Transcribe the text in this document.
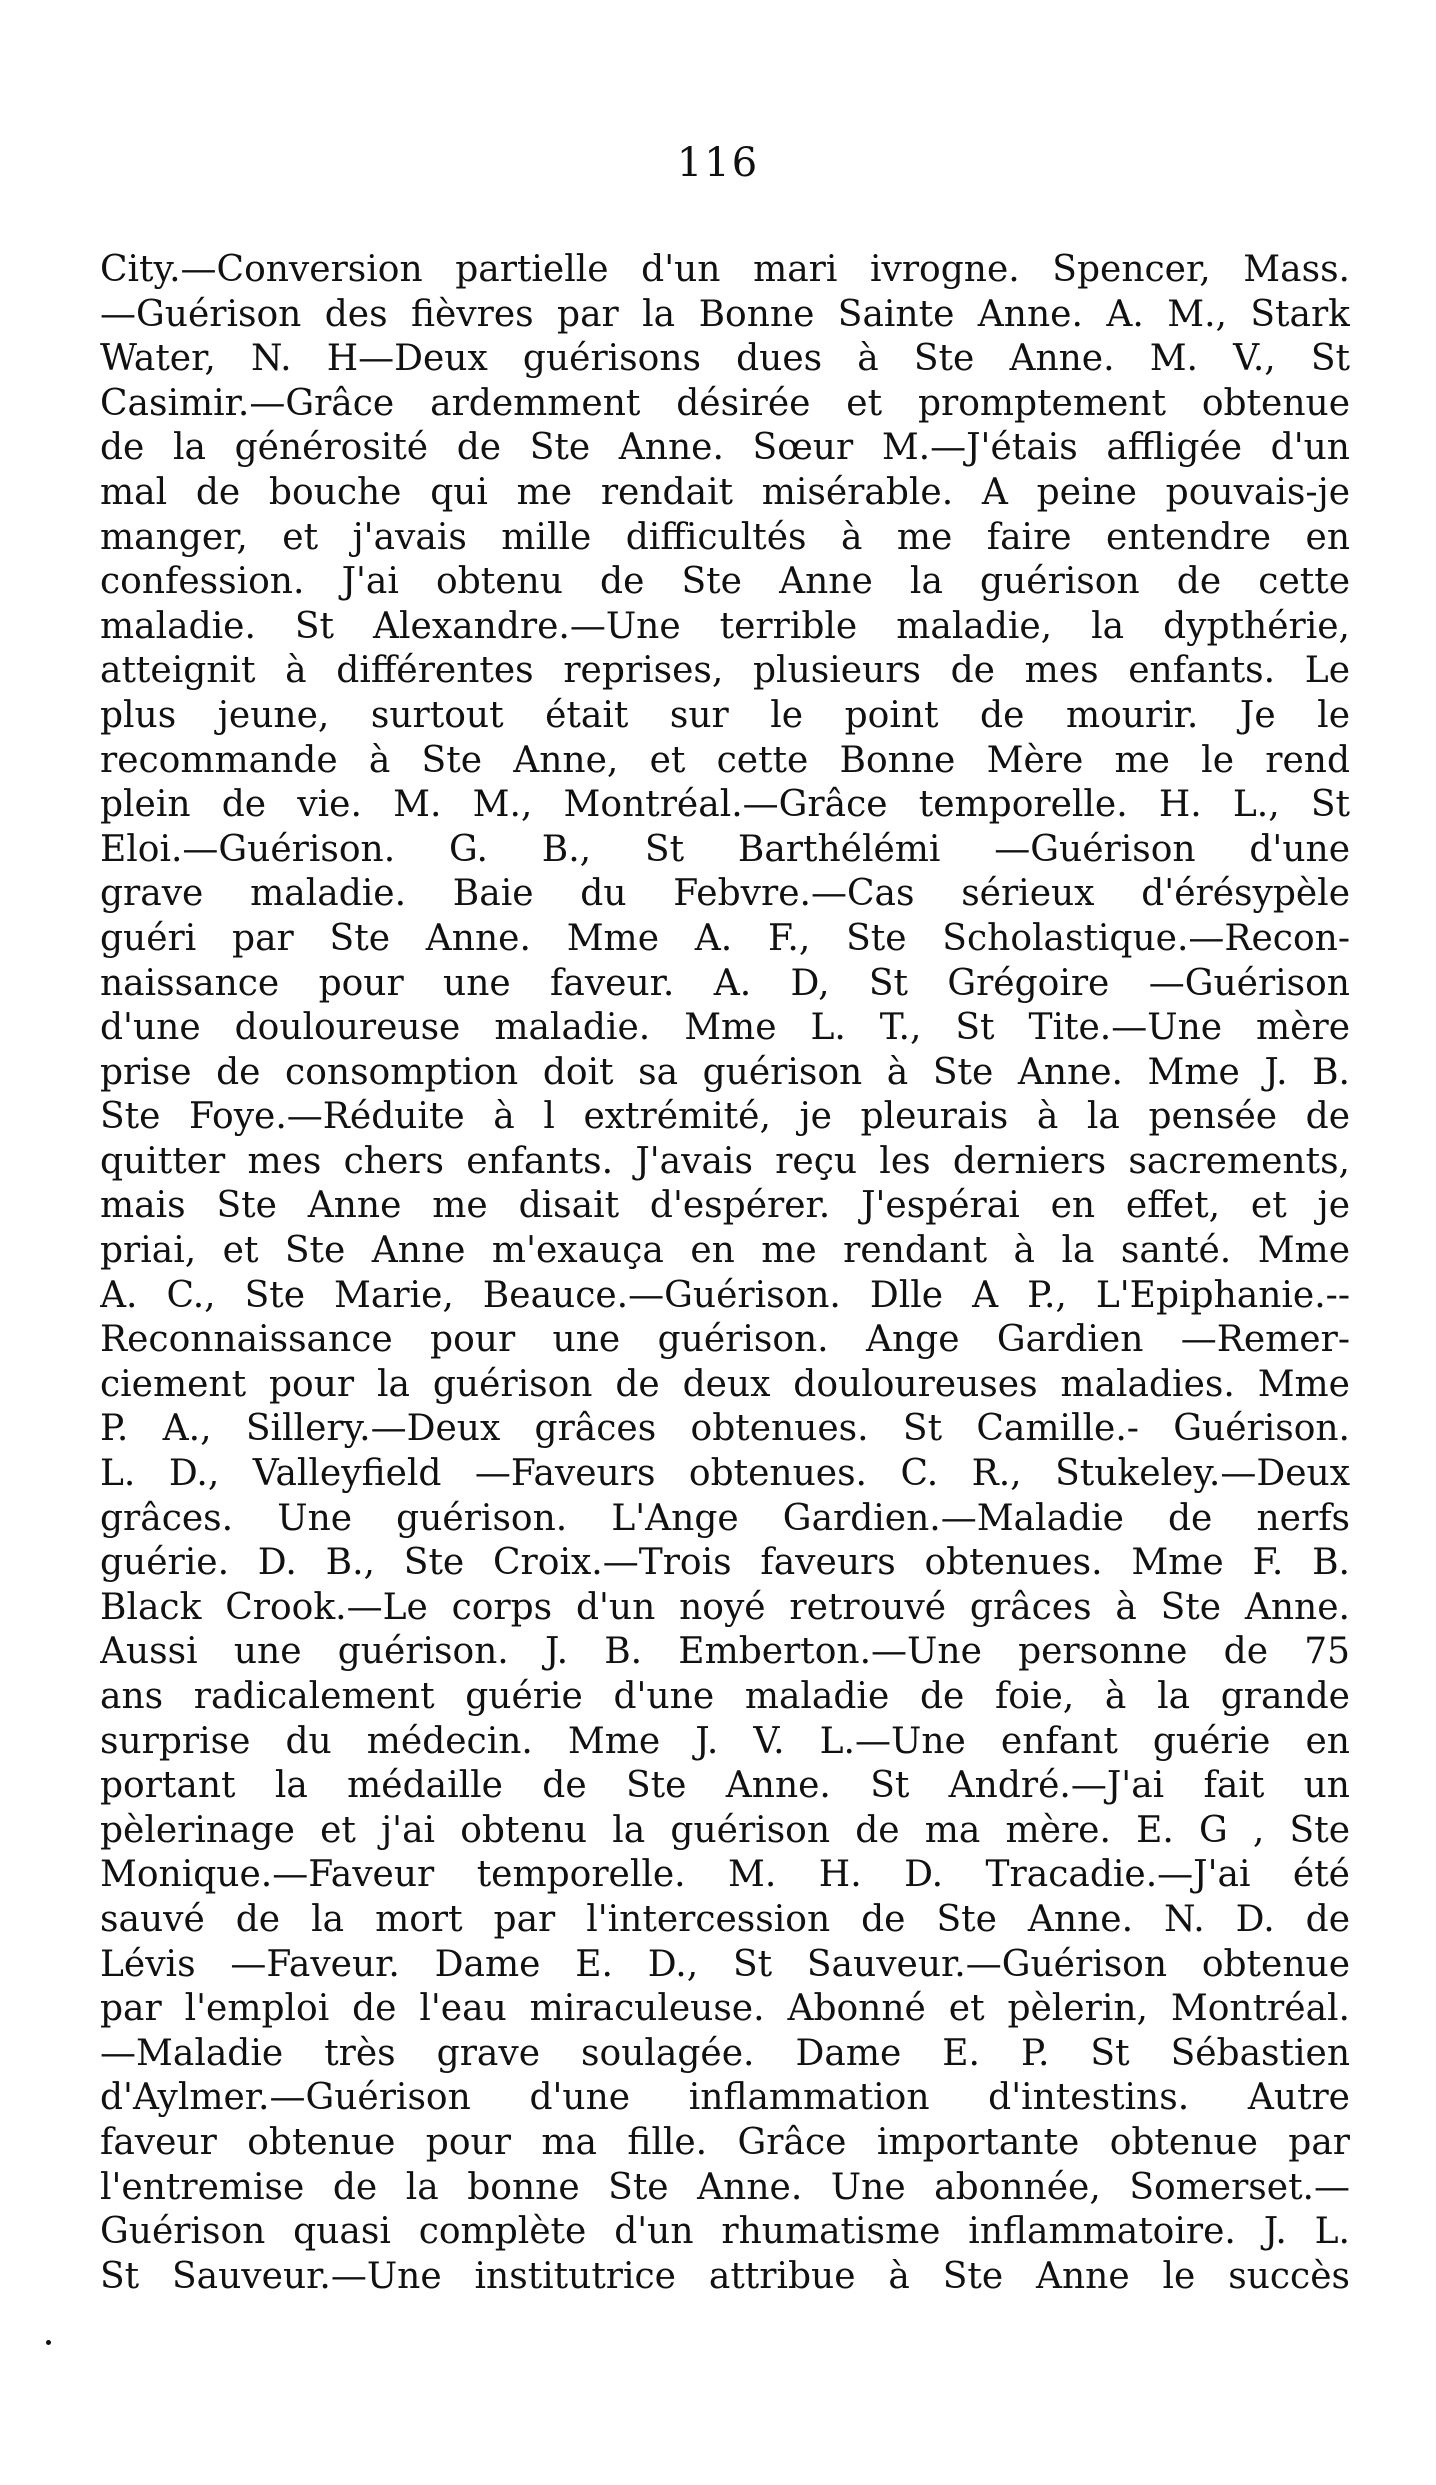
116
City.—Conversion partielle d'un mari ivrogne. Spencer, Mass.
—Guérison des fièvres par la Bonne Sainte Anne. A. M., Stark
Water, N. H—Deux guérisons dues à Ste Anne. M. V., St
Casimir.—Grâce ardemment désirée et promptement obtenue
de la générosité de Ste Anne. Sœur M.—J'étais affligée d'un
mal de bouche qui me rendait misérable. A peine pouvais-je
manger, et j'avais mille difficultés à me faire entendre en
confession. J'ai obtenu de Ste Anne la guérison de cette
maladie. St Alexandre.—Une terrible maladie, la dypthérie,
atteignit à différentes reprises, plusieurs de mes enfants. Le
plus jeune, surtout était sur le point de mourir. Je le
recommande à Ste Anne, et cette Bonne Mère me le rend
plein de vie. M. M., Montréal.—Grâce temporelle. H. L., St
Eloi.—Guérison. G. B., St Barthélémi —Guérison d'une
grave maladie. Baie du Febvre.—Cas sérieux d'érésypèle
guéri par Ste Anne. Mme A. F., Ste Scholastique.—Recon-
naissance pour une faveur. A. D, St Grégoire —Guérison
d'une douloureuse maladie. Mme L. T., St Tite.—Une mère
prise de consomption doit sa guérison à Ste Anne. Mme J. B.
Ste Foye.—Réduite à l extrémité, je pleurais à la pensée de
quitter mes chers enfants. J'avais reçu les derniers sacrements,
mais Ste Anne me disait d'espérer. J'espérai en effet, et je
priai, et Ste Anne m'exauça en me rendant à la santé. Mme
A. C., Ste Marie, Beauce.—Guérison. Dlle A P., L'Epiphanie.--
Reconnaissance pour une guérison. Ange Gardien —Remer-
ciement pour la guérison de deux douloureuses maladies. Mme
P. A., Sillery.—Deux grâces obtenues. St Camille.- Guérison.
L. D., Valleyfield —Faveurs obtenues. C. R., Stukeley.—Deux
grâces. Une guérison. L'Ange Gardien.—Maladie de nerfs
guérie. D. B., Ste Croix.—Trois faveurs obtenues. Mme F. B.
Black Crook.—Le corps d'un noyé retrouvé grâces à Ste Anne.
Aussi une guérison. J. B. Emberton.—Une personne de 75
ans radicalement guérie d'une maladie de foie, à la grande
surprise du médecin. Mme J. V. L.—Une enfant guérie en
portant la médaille de Ste Anne. St André.—J'ai fait un
pèlerinage et j'ai obtenu la guérison de ma mère. E. G , Ste
Monique.—Faveur temporelle. M. H. D. Tracadie.—J'ai été
sauvé de la mort par l'intercession de Ste Anne. N. D. de
Lévis —Faveur. Dame E. D., St Sauveur.—Guérison obtenue
par l'emploi de l'eau miraculeuse. Abonné et pèlerin, Montréal.
—Maladie très grave soulagée. Dame E. P. St Sébastien
d'Aylmer.—Guérison d'une inflammation d'intestins. Autre
faveur obtenue pour ma fille. Grâce importante obtenue par
l'entremise de la bonne Ste Anne. Une abonnée, Somerset.—
Guérison quasi complète d'un rhumatisme inflammatoire. J. L.
St Sauveur.—Une institutrice attribue à Ste Anne le succès
